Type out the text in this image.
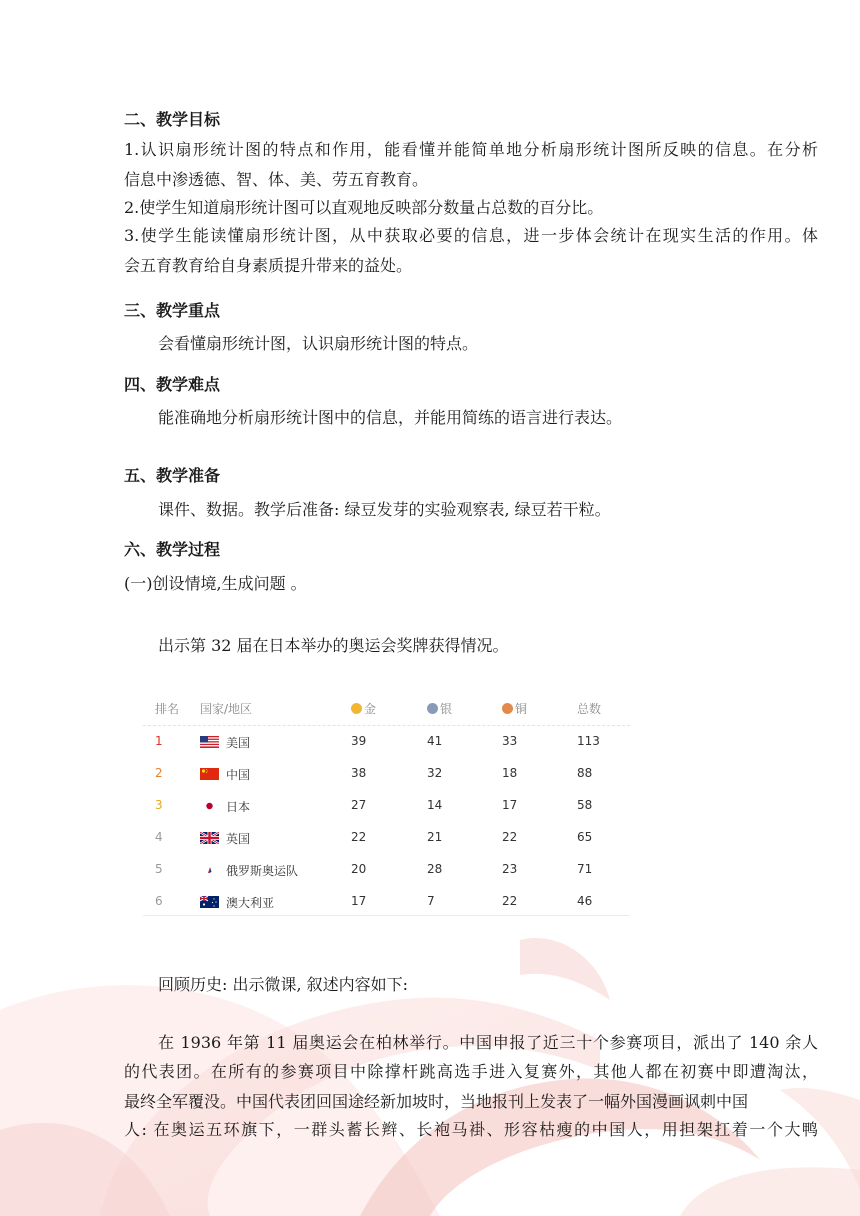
二、教学目标
1.认识扇形统计图的特点和作用，能看懂并能简单地分析扇形统计图所反映的信息。在分析
信息中渗透德、智、体、美、劳五育教育。
2.使学生知道扇形统计图可以直观地反映部分数量占总数的百分比。
3.使学生能读懂扇形统计图，从中获取必要的信息，进一步体会统计在现实生活的作用。体
会五育教育给自身素质提升带来的益处。
三、教学重点
会看懂扇形统计图，认识扇形统计图的特点。
四、教学难点
能准确地分析扇形统计图中的信息，并能用简练的语言进行表达。
五、教学准备
课件、数据。教学后准备: 绿豆发芽的实验观察表, 绿豆若干粒。
六、教学过程
(一)创设情境,生成问题 。
出示第 32 届在日本举办的奥运会奖牌获得情况。
排名 国家/地区	金	银	铜	总数
1	美国	39	41	33	113
2	中国	38	32	18	88
3	日本	27	14	17	58
4	英国	22	21	22	65
5	俄罗斯奥运队	20	28	23	71
6	澳大利亚	17	7	22	46
回顾历史: 出示微课, 叙述内容如下:
在 1936 年第 11 届奥运会在柏林举行。中国申报了近三十个参赛项目，派出了 140 余人
的代表团。在所有的参赛项目中除撑杆跳高选手进入复赛外，其他人都在初赛中即遭淘汰，
最终全军覆没。中国代表团回国途经新加坡时，当地报刊上发表了一幅外国漫画讽刺中国
人: 在奥运五环旗下，一群头蓄长辫、长袍马褂、形容枯瘦的中国人，用担架扛着一个大鸭
